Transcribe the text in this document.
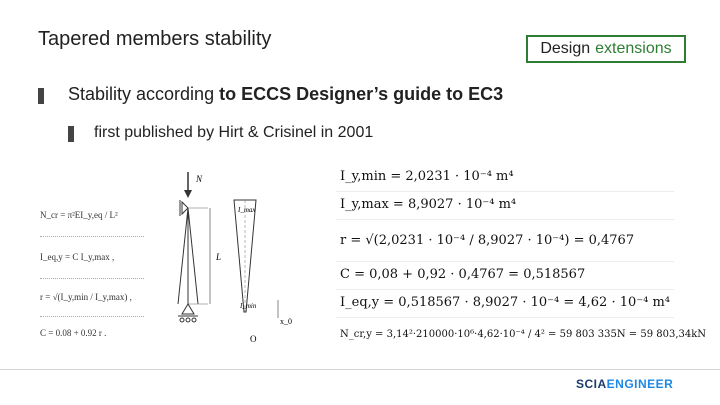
Tapered members stability	Design extensions
Stability according to ECCS Designer’s guide to EC3
first published by Hirt & Crisinel in 2001
N_cr = π²EI_y,eq / L²
I_eq,y = C I_y,max ,
r = √(I_y,min / I_y,max) ,
C = 0.08 + 0.92 r .
N
L
I_max
I_min
x_0
O
I_y,min = 2,0231 · 10⁻⁴ m⁴
I_y,max = 8,9027 · 10⁻⁴ m⁴
r = √(2,0231 · 10⁻⁴ / 8,9027 · 10⁻⁴) = 0,4767
C = 0,08 + 0,92 · 0,4767 = 0,518567
I_eq,y = 0,518567 · 8,9027 · 10⁻⁴ = 4,62 · 10⁻⁴ m⁴
N_cr,y = 3,14²·210000·10⁶·4,62·10⁻⁴ / 4² = 59 803 335N = 59 803,34kN
SCIAENGINEER
